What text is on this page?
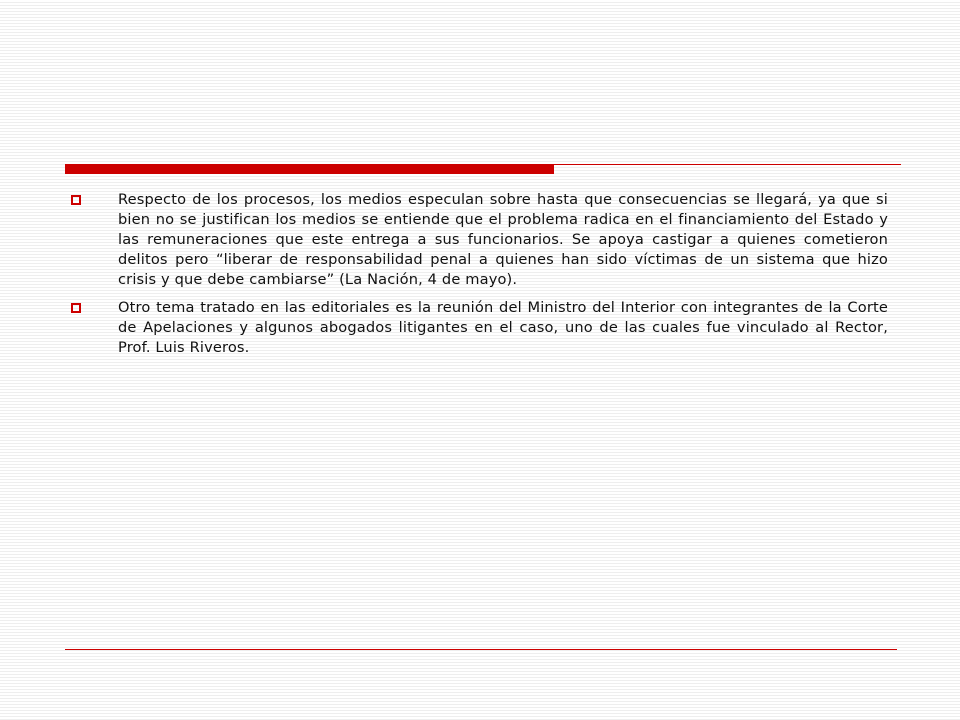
Respecto de los procesos, los medios especulan sobre hasta que consecuencias se llegará, ya que si bien no se justifican los medios se entiende que el problema radica en el financiamiento del Estado y las remuneraciones que este entrega a sus funcionarios. Se apoya castigar a quienes cometieron delitos pero “liberar de responsabilidad penal a quienes han sido víctimas de un sistema que hizo crisis y que debe cambiarse” (La Nación, 4 de mayo).
Otro tema tratado en las editoriales es la reunión del Ministro del Interior con integrantes de la Corte de Apelaciones y algunos abogados litigantes en el caso, uno de las cuales fue vinculado al Rector, Prof. Luis Riveros.
